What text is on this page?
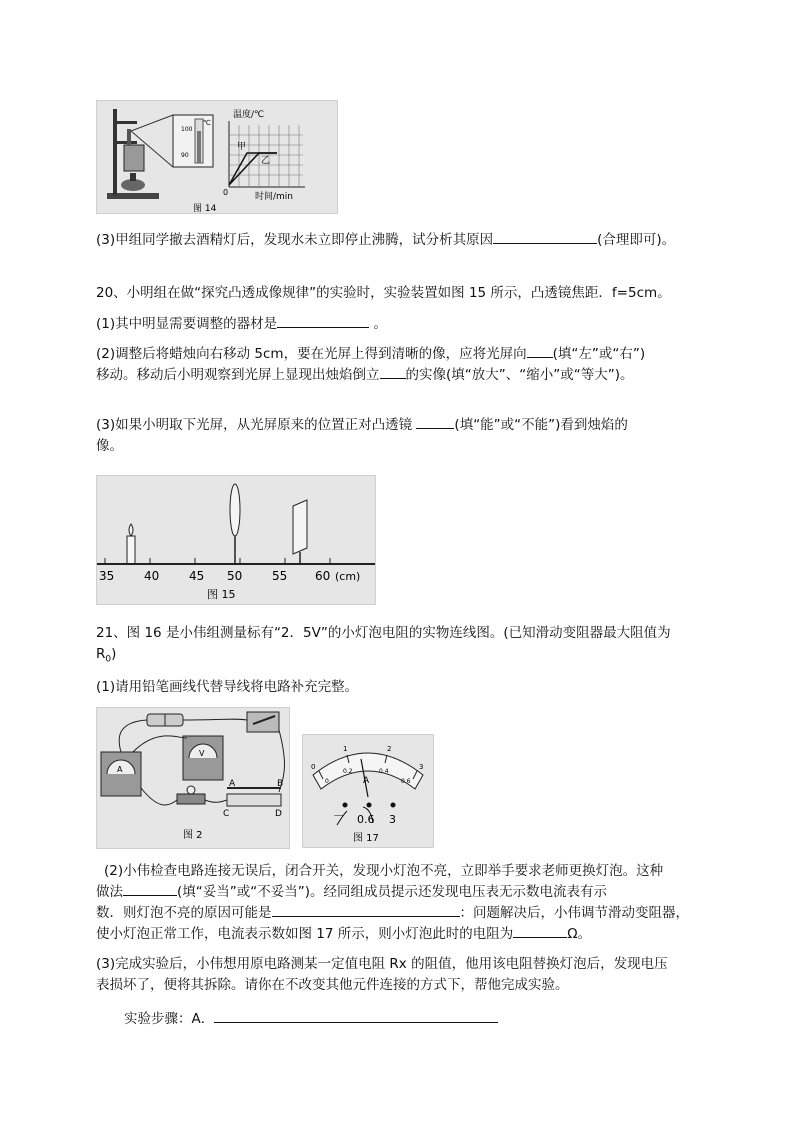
100
90
℃
温度/℃
时间/min
0
甲
乙
图 14
(3)甲组同学撤去酒精灯后，发现水未立即停止沸腾，试分析其原因	(合理即可)。
20、小明组在做“探究凸透成像规律”的实验时，实验装置如图 15 所示，凸透镜焦距．f=5cm。
(1)其中明显需要调整的器材是	。
(2)调整后将蜡烛向右移动 5cm，要在光屏上得到清晰的像，应将光屏向 (填“左”或“右”)
移动。移动后小明观察到光屏上显现出烛焰倒立 的实像(填“放大”、“缩小”或“等大”)。
(3)如果小明取下光屏，从光屏原来的位置正对凸透镜	(填“能”或“不能”)看到烛焰的
像。
35 40 45 50 55 60 (cm)
图 15
21、图 16 是小伟组测量标有“2．5V”的小灯泡电阻的实物连线图。(已知滑动变阻器最大阻值为
$R_0$)
(1)请用铅笔画线代替导线将电路补充完整。
A
V
A	B
C	D
图 2
0
1	2
3
0
0.2	0.4
0.6
A
－ 0.6 3
图 17
(2)小伟检查电路连接无误后，闭合开关，发现小灯泡不亮，立即举手要求老师更换灯泡。这种
做法	(填“妥当”或“不妥当”)。经同组成员提示还发现电压表无示数电流表有示
数．则灯泡不亮的原因可能是	：问题解决后，小伟调节滑动变阻器，
使小灯泡正常工作，电流表示数如图 17 所示，则小灯泡此时的电阻为	Ω。
(3)完成实验后，小伟想用原电路测某一定值电阻 Rx 的阻值，他用该电阻替换灯泡后，发现电压
表损坏了，便将其拆除。请你在不改变其他元件连接的方式下，帮他完成实验。
实验步骤：A．
